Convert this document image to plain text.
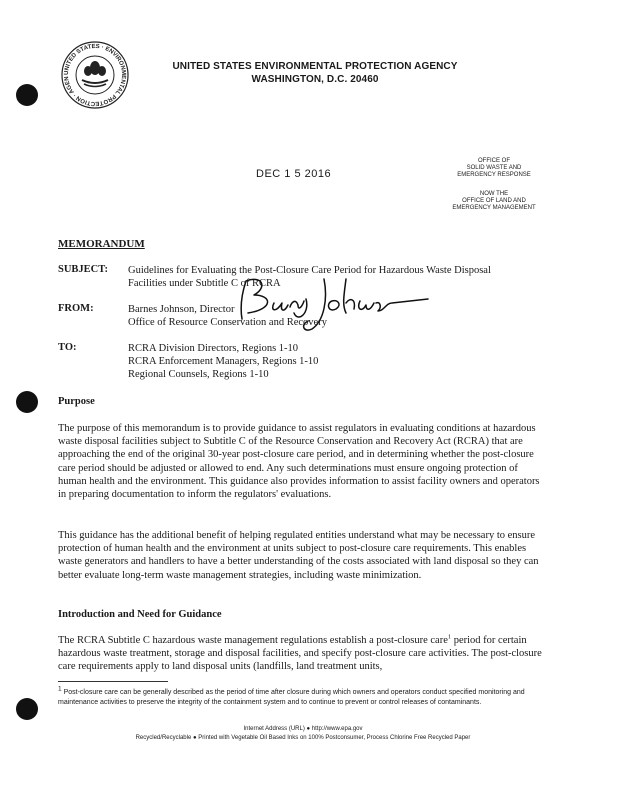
UNITED STATES · ENVIRONMENTAL PROTECTION · AGEN
UNITED STATES ENVIRONMENTAL PROTECTION AGENCY
WASHINGTON, D.C. 20460
DEC 1 5 2016
OFFICE OF
SOLID WASTE AND
EMERGENCY RESPONSE
NOW THE
OFFICE OF LAND AND
EMERGENCY MANAGEMENT
MEMORANDUM
SUBJECT: Guidelines for Evaluating the Post-Closure Care Period for Hazardous Waste Disposal
Facilities under Subtitle C of RCRA
FROM:	Barnes Johnson, Director
Office of Resource Conservation and Recovery
TO:	RCRA Division Directors, Regions 1-10
RCRA Enforcement Managers, Regions 1-10
Regional Counsels, Regions 1-10
Purpose

The purpose of this memorandum is to provide guidance to assist regulators in evaluating conditions at hazardous waste disposal facilities subject to Subtitle C of the Resource Conservation and Recovery Act (RCRA) that are approaching the end of the original 30-year post-closure care period, and in determining whether the post-closure care period should be adjusted or allowed to end. Any such determinations must ensure ongoing protection of human health and the environment. This guidance also provides information to assist facility owners and operators in preparing documentation to inform the regulators' evaluations.

This guidance has the additional benefit of helping regulated entities understand what may be necessary to ensure protection of human health and the environment at units subject to post-closure care requirements. This enables waste generators and handlers to have a better understanding of the costs associated with land disposal so they can better evaluate long-term waste management strategies, including waste minimization.

Introduction and Need for Guidance

The RCRA Subtitle C hazardous waste management regulations establish a post-closure care$^1$ period for certain hazardous waste treatment, storage and disposal facilities, and specify post-closure care activities. The post-closure care requirements apply to land disposal units (landfills, land treatment units,

1 Post-closure care can be generally described as the period of time after closure during which owners and operators conduct specified monitoring and maintenance activities to preserve the integrity of the containment system and to continue to prevent or control releases of contaminants.

Internet Address (URL) ● http://www.epa.gov
Recycled/Recyclable ● Printed with Vegetable Oil Based Inks on 100% Postconsumer, Process Chlorine Free Recycled Paper
